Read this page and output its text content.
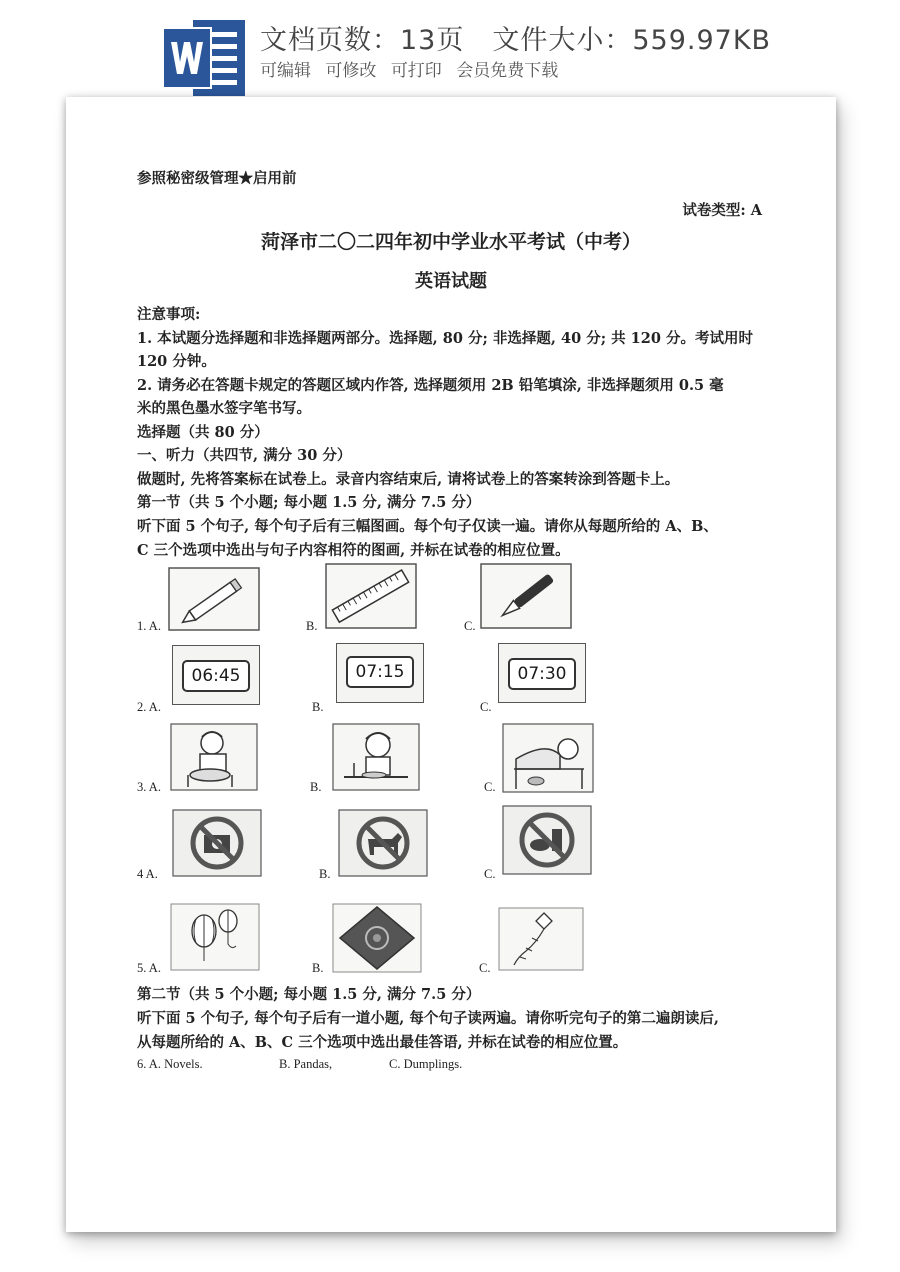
文档页数：13页 文件大小：559.97KB
可编辑 可修改 可打印 会员免费下载
参照秘密级管理★启用前
试卷类型: A
菏泽市二〇二四年初中学业水平考试（中考）
英语试题
注意事项:
1. 本试题分选择题和非选择题两部分。选择题, 80 分; 非选择题, 40 分; 共 120 分。考试用时
120 分钟。
2. 请务必在答题卡规定的答题区域内作答, 选择题须用 2B 铅笔填涂, 非选择题须用 0.5 毫
米的黑色墨水签字笔书写。
选择题（共 80 分）
一、听力（共四节, 满分 30 分）
做题时, 先将答案标在试卷上。录音内容结束后, 请将试卷上的答案转涂到答题卡上。
第一节（共 5 个小题; 每小题 1.5 分, 满分 7.5 分）
听下面 5 个句子, 每个句子后有三幅图画。每个句子仅读一遍。请你从每题所给的 A、B、
C 三个选项中选出与句子内容相符的图画, 并标在试卷的相应位置。
1. A.	B.	C.
2. A.	B.	C.
06:45	07:15	07:30
3. A.	B.	C.
4 A.	B.	C.
5. A.	B.	C.
第二节（共 5 个小题; 每小题 1.5 分, 满分 7.5 分）
听下面 5 个句子, 每个句子后有一道小题, 每个句子读两遍。请你听完句子的第二遍朗读后,
从每题所给的 A、B、C 三个选项中选出最佳答语, 并标在试卷的相应位置。
6. A. Novels.	B. Pandas,	C. Dumplings.
